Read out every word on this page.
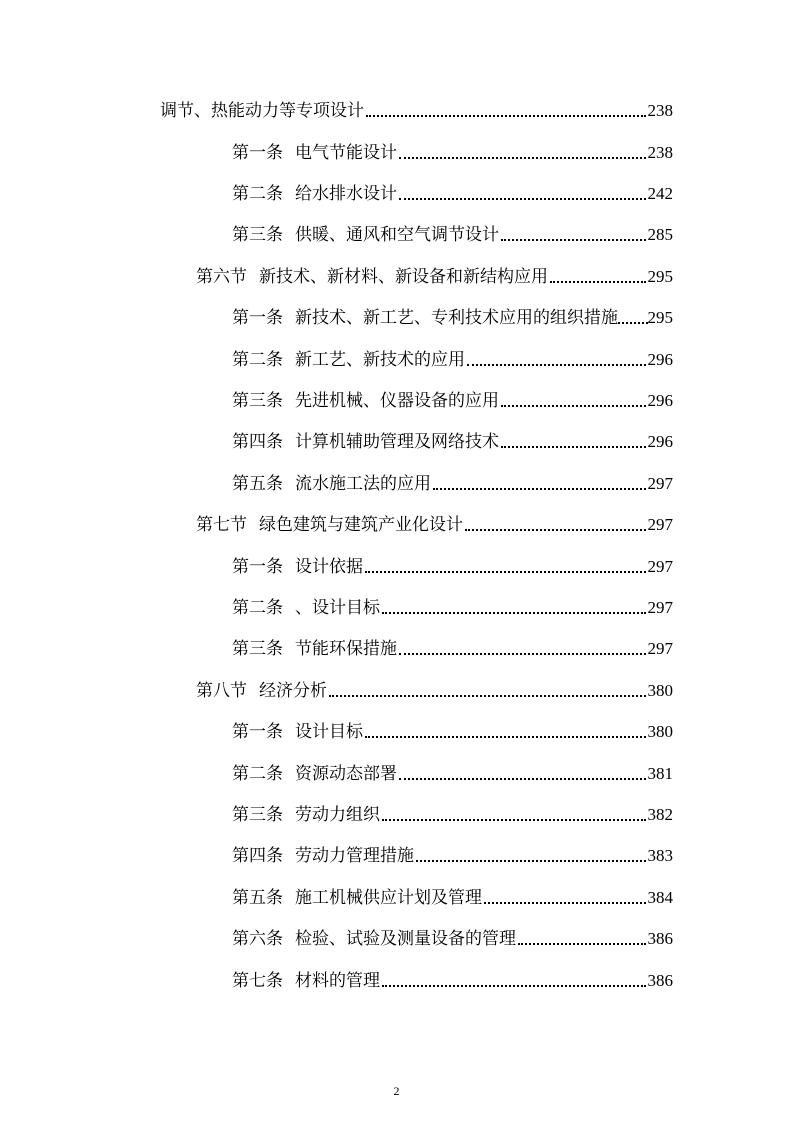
调节、热能动力等专项设计	238
第一条 电气节能设计	238
第二条 给水排水设计	242
第三条 供暖、通风和空气调节设计	285
第六节 新技术、新材料、新设备和新结构应用	295
第一条 新技术、新工艺、专利技术应用的组织措施 295
第二条 新工艺、新技术的应用	296
第三条 先进机械、仪器设备的应用	296
第四条 计算机辅助管理及网络技术	296
第五条 流水施工法的应用	297
第七节 绿色建筑与建筑产业化设计	297
第一条 设计依据	297
第二条 、设计目标	297
第三条 节能环保措施	297
第八节 经济分析	380
第一条 设计目标	380
第二条 资源动态部署	381
第三条 劳动力组织	382
第四条 劳动力管理措施	383
第五条 施工机械供应计划及管理	384
第六条 检验、试验及测量设备的管理	386
第七条 材料的管理	386
2
